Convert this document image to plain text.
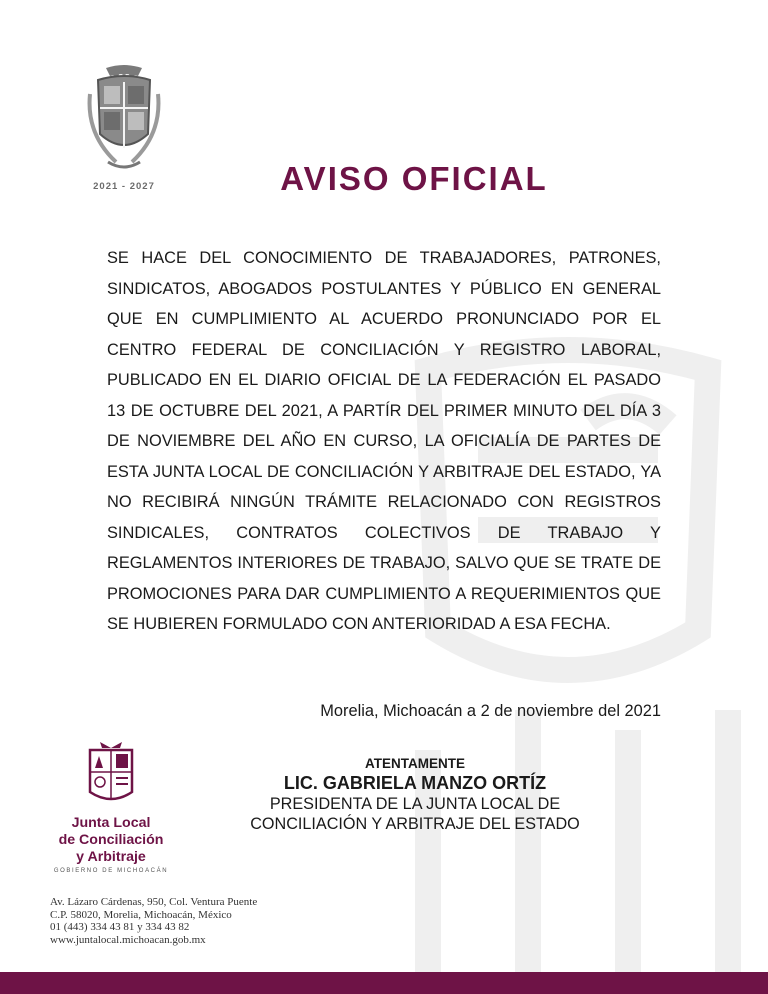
2021 - 2027	AVISO OFICIAL
SE HACE DEL CONOCIMIENTO DE TRABAJADORES, PATRONES, SINDICATOS, ABOGADOS POSTULANTES Y PÚBLICO EN GENERAL QUE EN CUMPLIMIENTO AL ACUERDO PRONUNCIADO POR EL CENTRO FEDERAL DE CONCILIACIÓN Y REGISTRO LABORAL, PUBLICADO EN EL DIARIO OFICIAL DE LA FEDERACIÓN EL PASADO 13 DE OCTUBRE DEL 2021, A PARTÍR DEL PRIMER MINUTO DEL DÍA 3 DE NOVIEMBRE DEL AÑO EN CURSO, LA OFICIALÍA DE PARTES DE ESTA JUNTA LOCAL DE CONCILIACIÓN Y ARBITRAJE DEL ESTADO, YA NO RECIBIRÁ NINGÚN TRÁMITE RELACIONADO CON REGISTROS SINDICALES, CONTRATOS COLECTIVOS DE TRABAJO Y REGLAMENTOS INTERIORES DE TRABAJO, SALVO QUE SE TRATE DE PROMOCIONES PARA DAR CUMPLIMIENTO A REQUERIMIENTOS QUE SE HUBIEREN FORMULADO CON ANTERIORIDAD A ESA FECHA.
Morelia, Michoacán a 2 de noviembre del 2021
ATENTAMENTE
LIC. GABRIELA MANZO ORTÍZ
PRESIDENTA DE LA JUNTA LOCAL DE
CONCILIACIÓN Y ARBITRAJE DEL ESTADO
Junta Local
de Conciliación
y Arbitraje
GOBIERNO DE MICHOACÁN
Av. Lázaro Cárdenas, 950, Col. Ventura Puente
C.P. 58020, Morelia, Michoacán, México
01 (443) 334 43 81 y 334 43 82
www.juntalocal.michoacan.gob.mx
